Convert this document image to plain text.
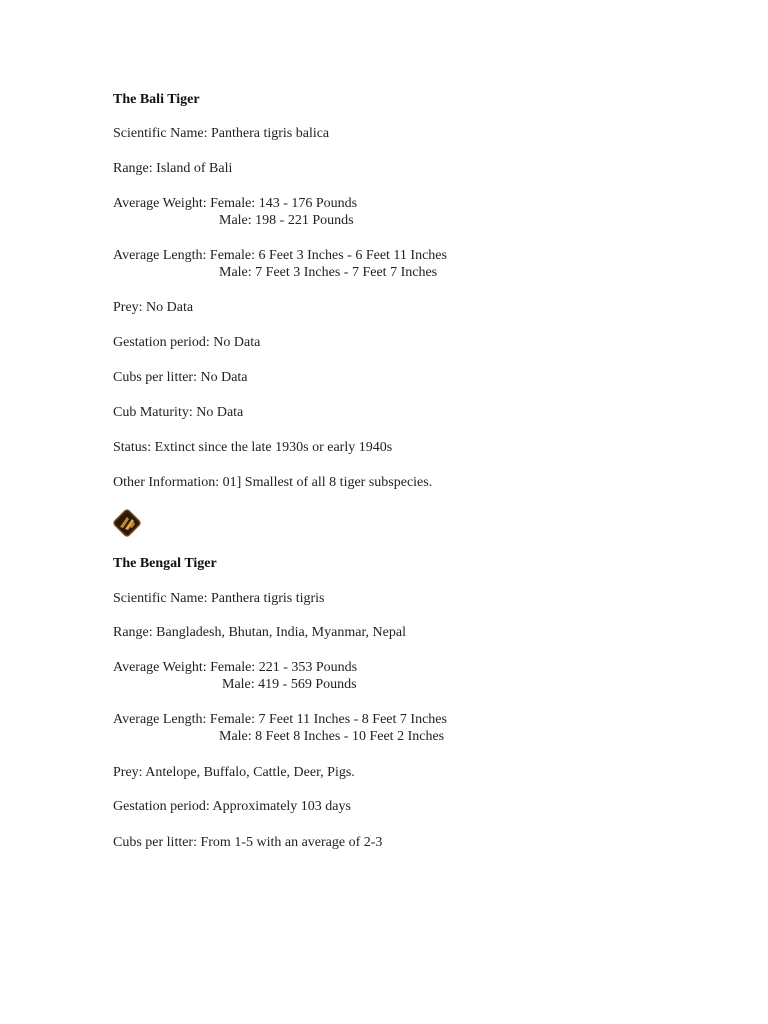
The Bali Tiger
Scientific Name: Panthera tigris balica
Range: Island of Bali
Average Weight: Female: 143 - 176 Pounds
Male: 198 - 221 Pounds
Average Length: Female: 6 Feet 3 Inches - 6 Feet 11 Inches
Male: 7 Feet 3 Inches - 7 Feet 7 Inches
Prey: No Data
Gestation period: No Data
Cubs per litter: No Data
Cub Maturity: No Data
Status: Extinct since the late 1930s or early 1940s
Other Information: 01] Smallest of all 8 tiger subspecies.
The Bengal Tiger
Scientific Name: Panthera tigris tigris
Range: Bangladesh, Bhutan, India, Myanmar, Nepal
Average Weight: Female: 221 - 353 Pounds
Male: 419 - 569 Pounds
Average Length: Female: 7 Feet 11 Inches - 8 Feet 7 Inches
Male: 8 Feet 8 Inches - 10 Feet 2 Inches
Prey: Antelope, Buffalo, Cattle, Deer, Pigs.
Gestation period: Approximately 103 days
Cubs per litter: From 1-5 with an average of 2-3
